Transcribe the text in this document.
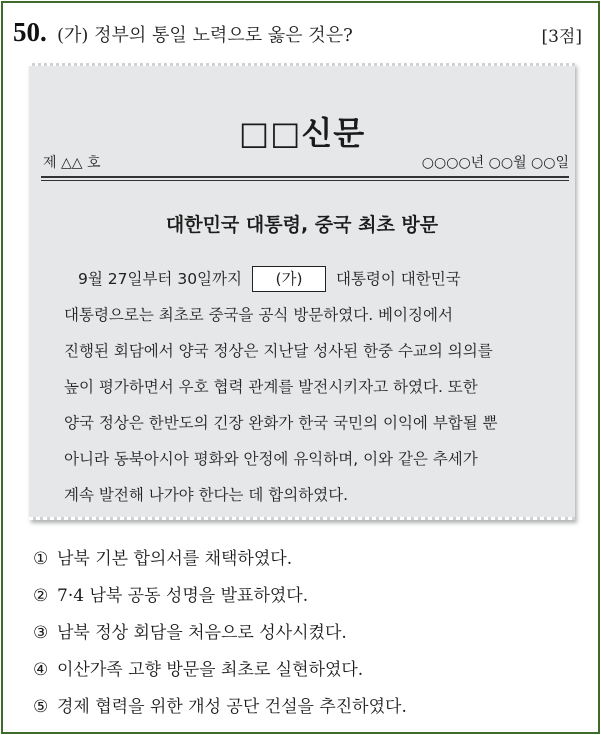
50. (가) 정부의 통일 노력으로 옳은 것은?	[3점]
□□신문
제 △△ 호	○○○○년 ○○월 ○○일
대한민국 대통령, 중국 최초 방문
9월 27일부터 30일까지 (가) 대통령이 대한민국
대통령으로는 최초로 중국을 공식 방문하였다. 베이징에서
진행된 회담에서 양국 정상은 지난달 성사된 한중 수교의 의의를
높이 평가하면서 우호 협력 관계를 발전시키자고 하였다. 또한
양국 정상은 한반도의 긴장 완화가 한국 국민의 이익에 부합될 뿐
아니라 동북아시아 평화와 안정에 유익하며, 이와 같은 추세가
계속 발전해 나가야 한다는 데 합의하였다.
① 남북 기본 합의서를 채택하였다.
② 7·4 남북 공동 성명을 발표하였다.
③ 남북 정상 회담을 처음으로 성사시켰다.
④ 이산가족 고향 방문을 최초로 실현하였다.
⑤ 경제 협력을 위한 개성 공단 건설을 추진하였다.
